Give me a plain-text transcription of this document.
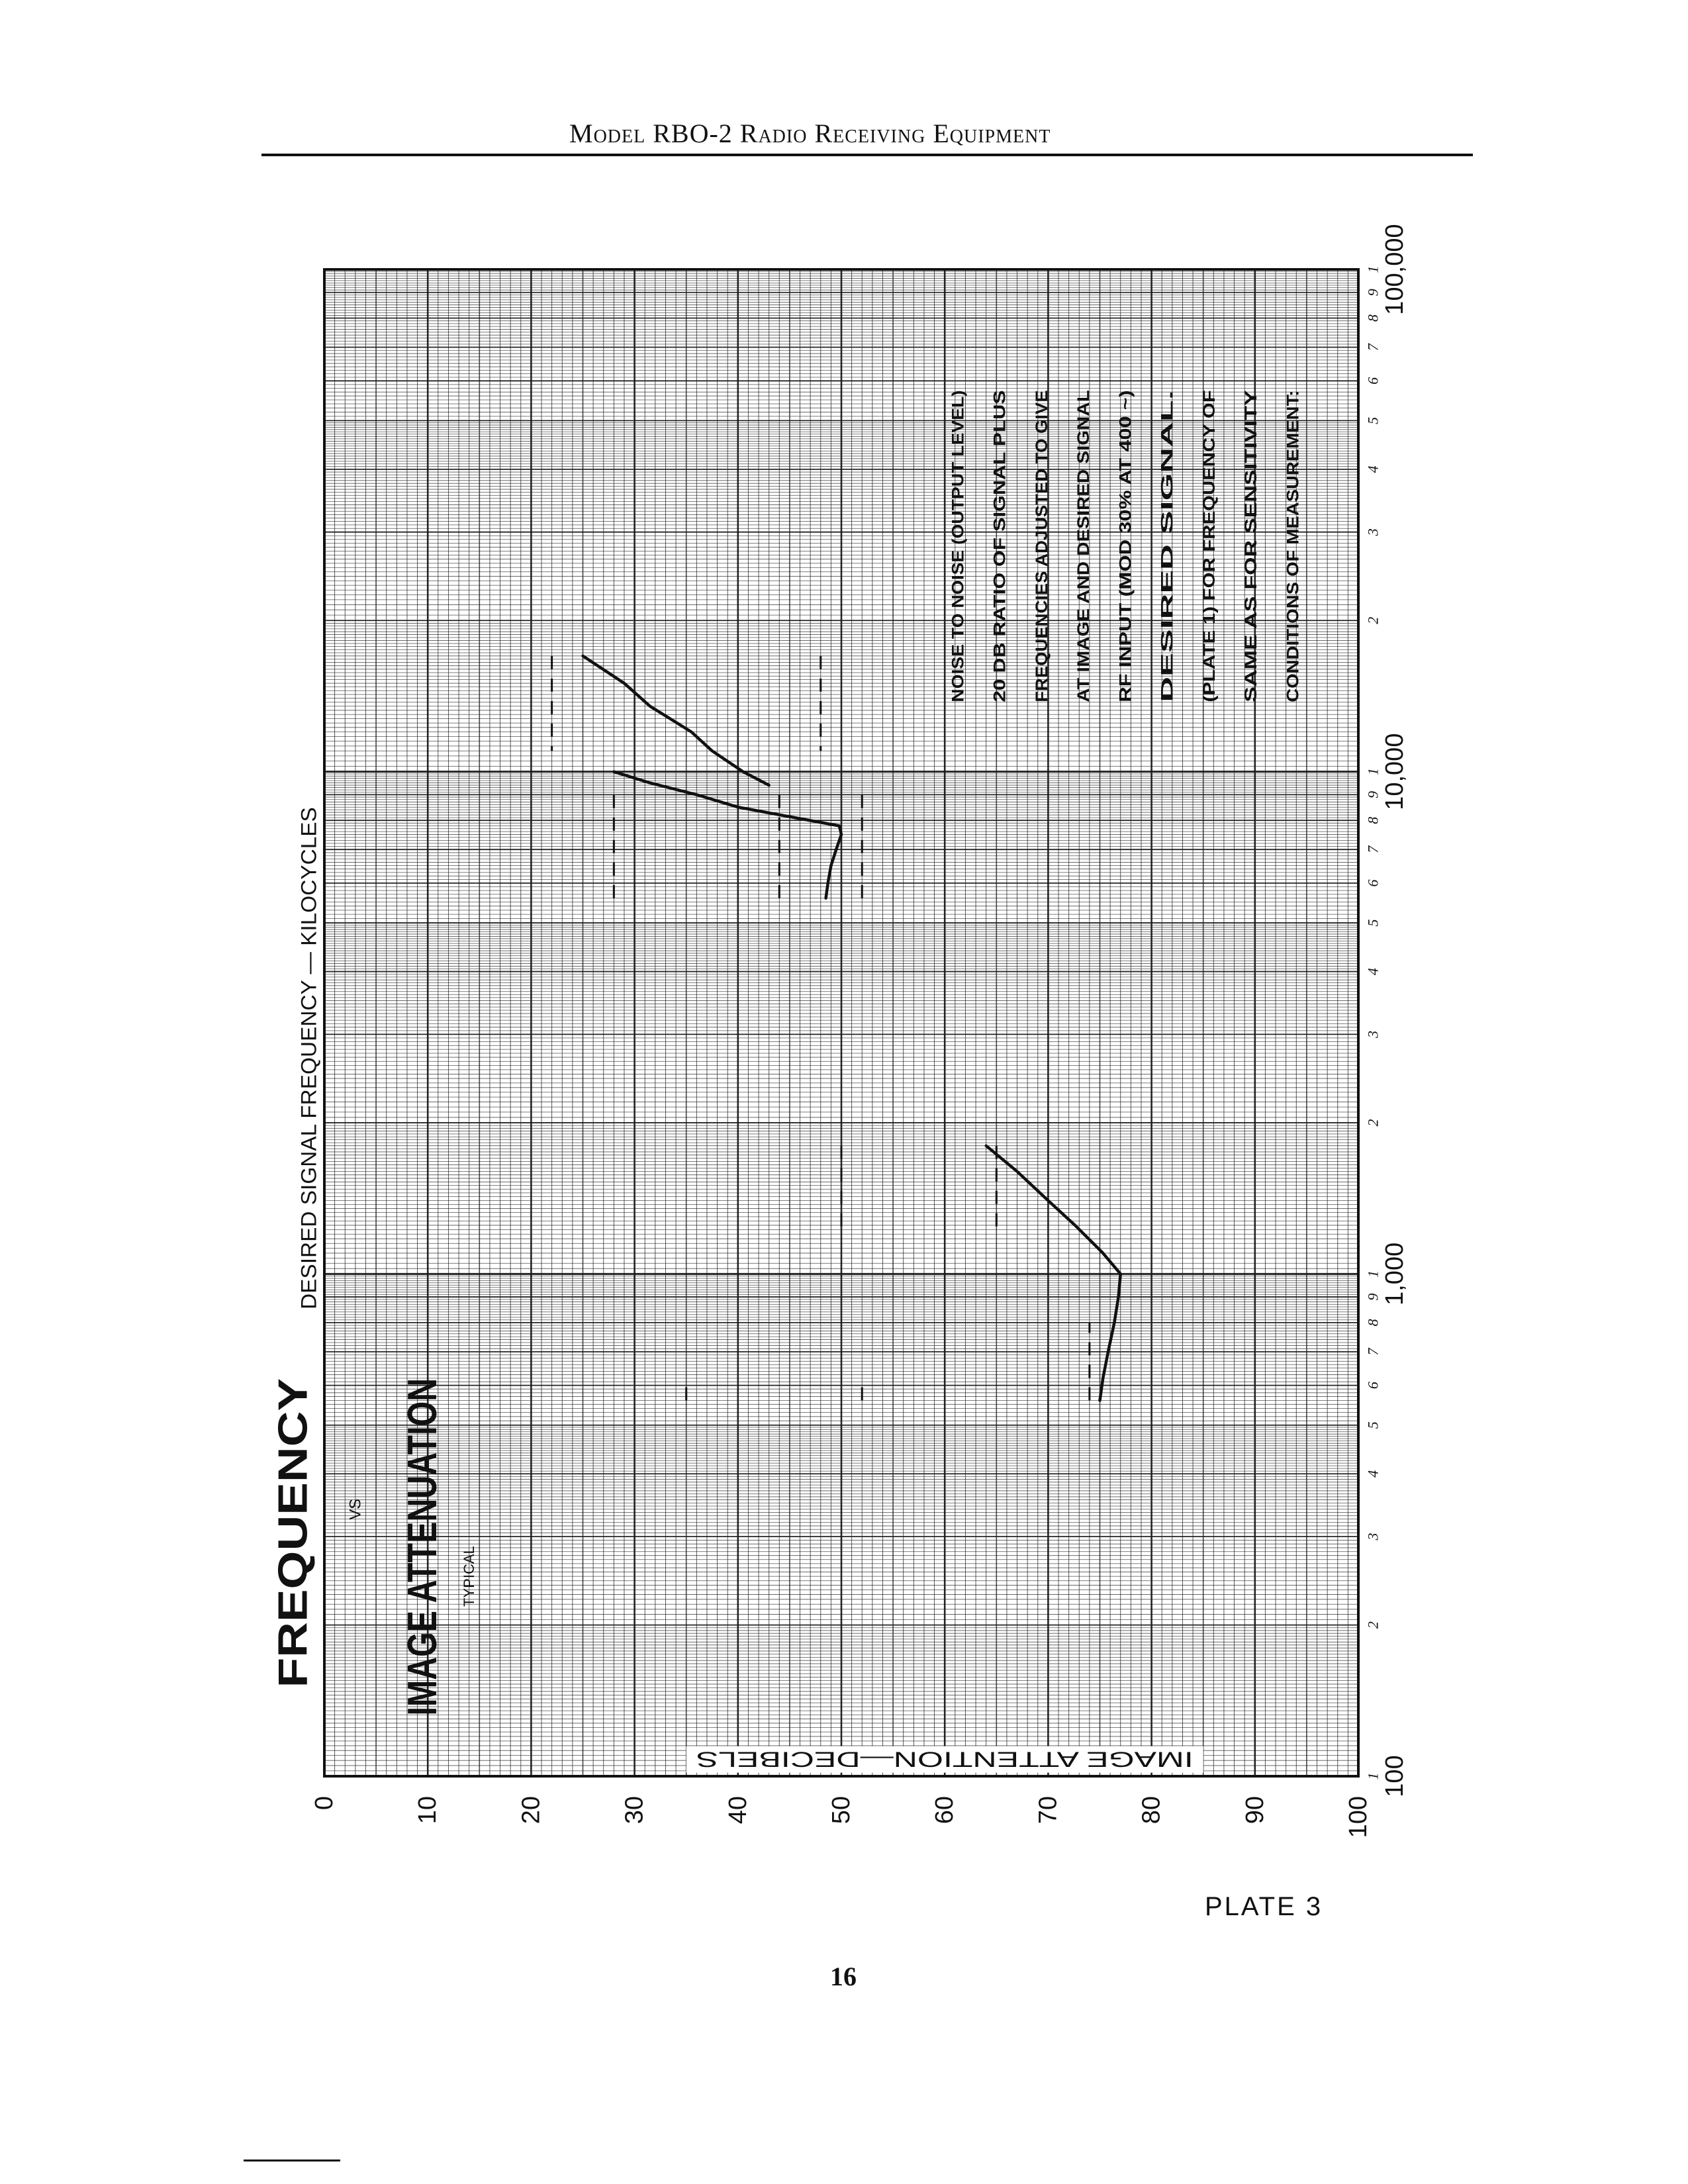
Model RBO-2 Radio Receiving Equipment
CONDITIONS OF MEASUREMENT:
SAME AS FOR SENSITIVITY
(PLATE 1) FOR FREQUENCY OF
DESIRED SIGNAL.
RF INPUT (MOD 30% AT 400 ~)
AT IMAGE AND DESIRED SIGNAL
FREQUENCIES ADJUSTED TO GIVE
20 DB RATIO OF SIGNAL PLUS
NOISE TO NOISE (OUTPUT LEVEL)
TYPICAL
IMAGE ATTENUATION
VS
FREQUENCY
IMAGE ATTENTION—DECIBELS
DESIRED SIGNAL FREQUENCY — KILOCYCLES
0	10	20	30	40	50	60	70	80	90	100
2
3
4
5
6
7
8
9
1
2
3
4
5
6
7
8
9
1
2
3
4
5
6
7
8
9
1
1 100
1,000
10,000
100,000
PLATE 3
16
